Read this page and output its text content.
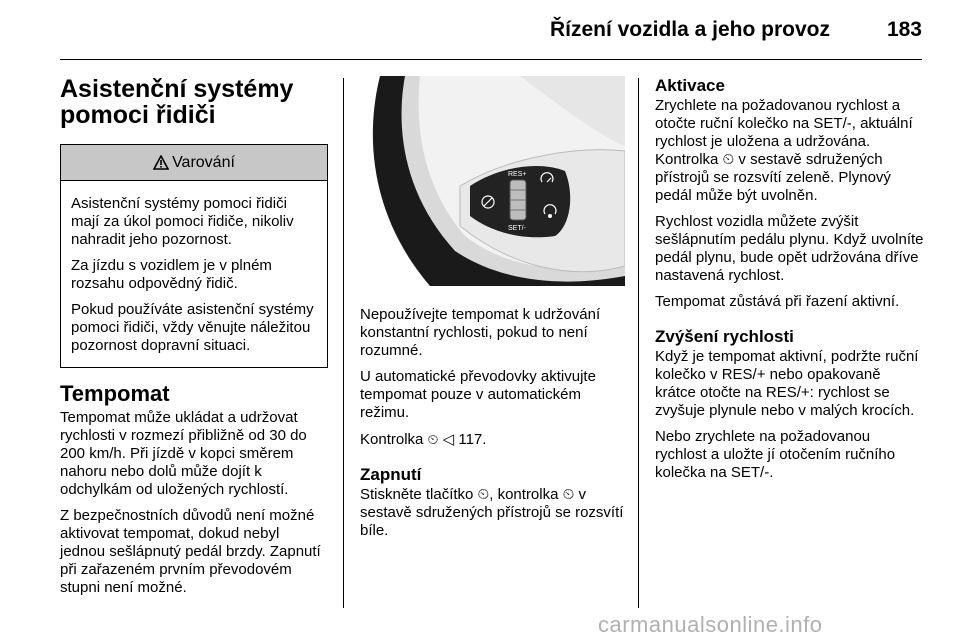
Řízení vozidla a jeho provoz	183
Asistenční systémy
pomoci řidiči
Varování

Asistenční systémy pomoci řidiči mají za úkol pomoci řidiče, nikoliv nahradit jeho pozornost.

Za jízdu s vozidlem je v plném rozsahu odpovědný řidič.

Pokud používáte asistenční systémy pomoci řidiči, vždy věnujte náležitou pozornost dopravní situaci.

Tempomat

Tempomat může ukládat a udržovat rychlosti v rozmezí přibližně od 30 do 200 km/h. Při jízdě v kopci směrem nahoru nebo dolů může dojít k odchylkám od uložených rychlostí.

Z bezpečnostních důvodů není možné aktivovat tempomat, dokud nebyl jednou sešlápnutý pedál brzdy. Zapnutí při zařazeném prvním převodovém stupni není možné.

RES+
SET/-

Nepoužívejte tempomat k udržování konstantní rychlosti, pokud to není rozumné.

U automatické převodovky aktivujte tempomat pouze v automatickém režimu.

Kontrolka ⏲ ◁ 117.

Zapnutí

Stiskněte tlačítko ⏲, kontrolka ⏲ v sestavě sdružených přístrojů se rozsvítí bíle.

Aktivace

Zrychlete na požadovanou rychlost a otočte ruční kolečko na SET/-, aktuální rychlost je uložena a udržována. Kontrolka ⏲ v sestavě sdružených přístrojů se rozsvítí zeleně. Plynový pedál může být uvolněn.

Rychlost vozidla můžete zvýšit sešlápnutím pedálu plynu. Když uvolníte pedál plynu, bude opět udržována dříve nastavená rychlost.

Tempomat zůstává při řazení aktivní.

Zvýšení rychlosti

Když je tempomat aktivní, podržte ruční kolečko v RES/+ nebo opakovaně krátce otočte na RES/+: rychlost se zvyšuje plynule nebo v malých krocích.

Nebo zrychlete na požadovanou rychlost a uložte jí otočením ručního kolečka na SET/-.

carmanualsonline.info
